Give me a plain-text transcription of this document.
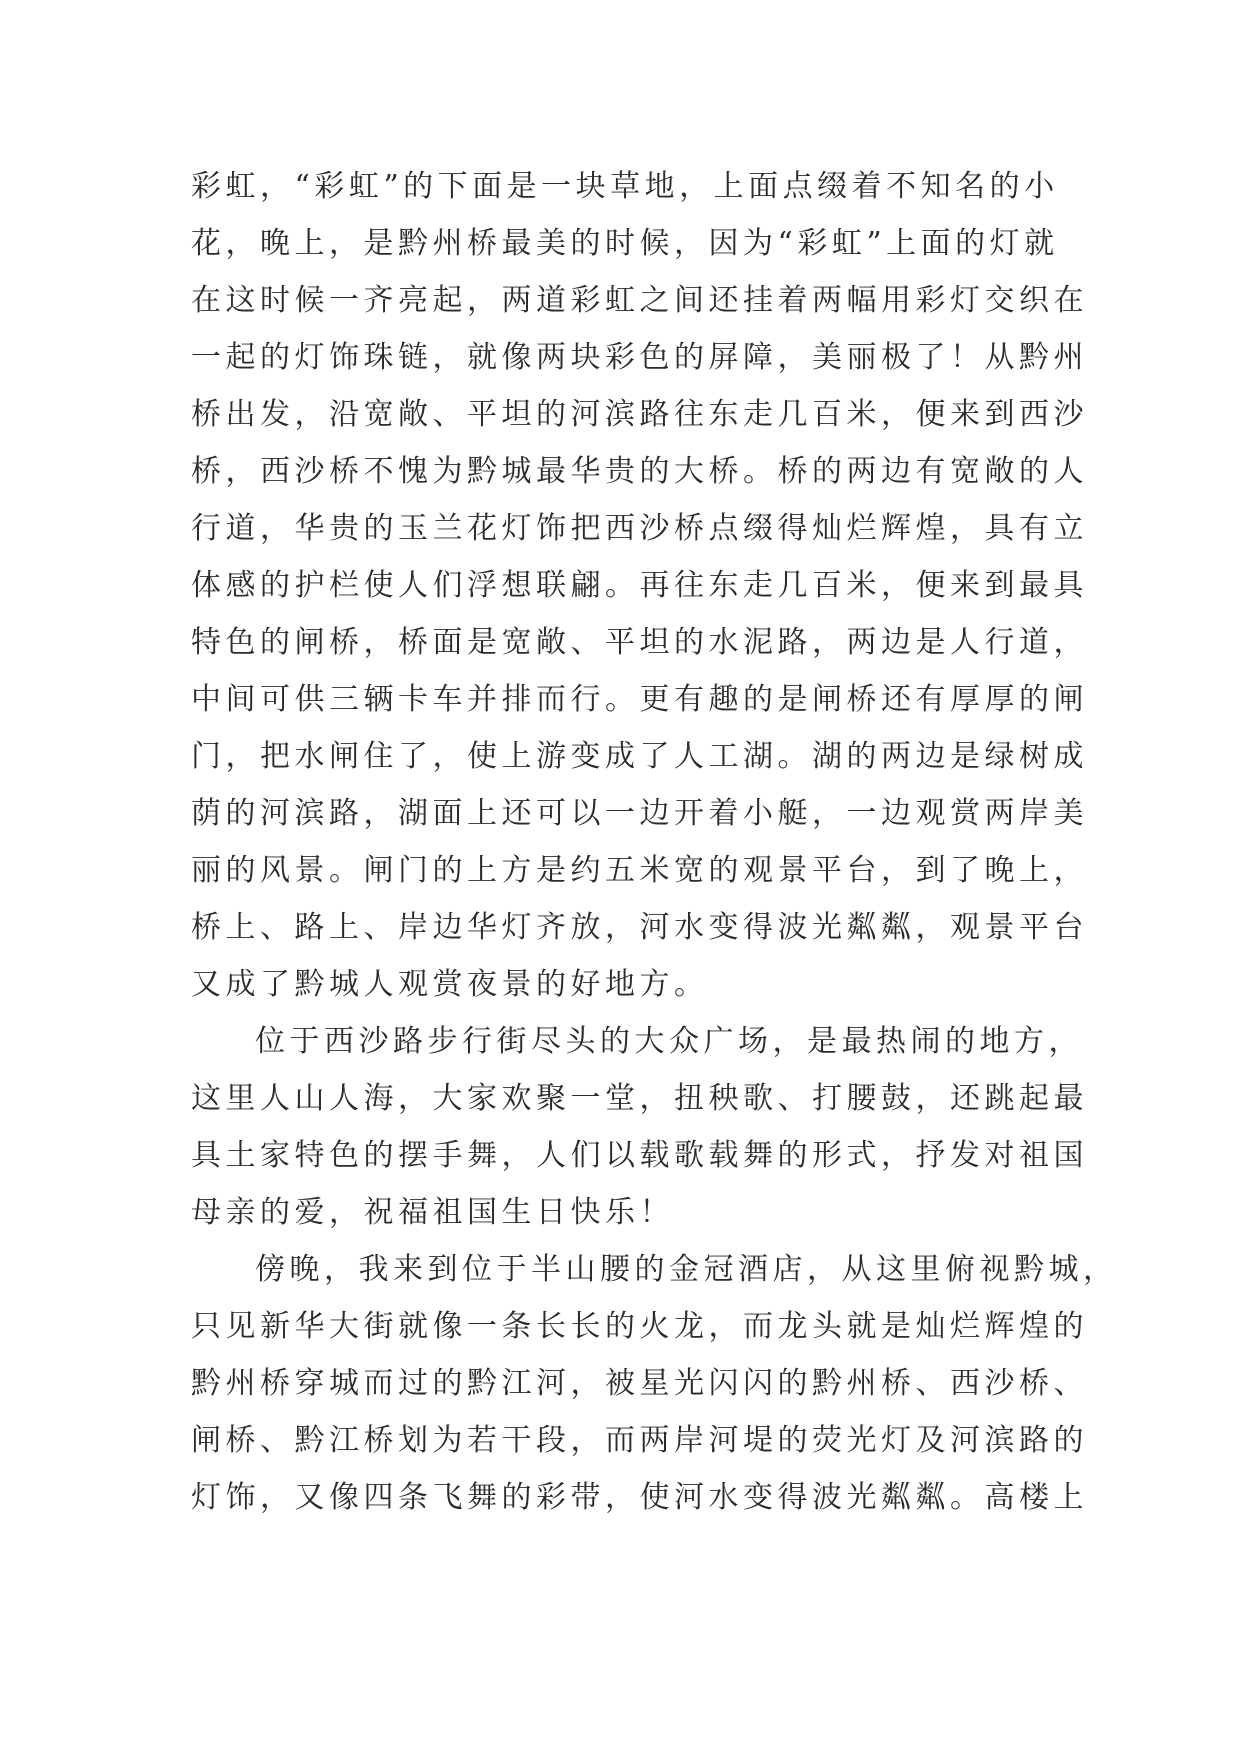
彩虹，“彩虹”的下面是一块草地，上面点缀着不知名的小
花，晚上，是黔州桥最美的时候，因为“彩虹”上面的灯就
在这时候一齐亮起，两道彩虹之间还挂着两幅用彩灯交织在
一起的灯饰珠链，就像两块彩色的屏障，美丽极了！从黔州
桥出发，沿宽敞、平坦的河滨路往东走几百米，便来到西沙
桥，西沙桥不愧为黔城最华贵的大桥。桥的两边有宽敞的人
行道，华贵的玉兰花灯饰把西沙桥点缀得灿烂辉煌，具有立
体感的护栏使人们浮想联翩。再往东走几百米，便来到最具
特色的闸桥，桥面是宽敞、平坦的水泥路，两边是人行道，
中间可供三辆卡车并排而行。更有趣的是闸桥还有厚厚的闸
门，把水闸住了，使上游变成了人工湖。湖的两边是绿树成
荫的河滨路，湖面上还可以一边开着小艇，一边观赏两岸美
丽的风景。闸门的上方是约五米宽的观景平台，到了晚上，
桥上、路上、岸边华灯齐放，河水变得波光粼粼，观景平台
又成了黔城人观赏夜景的好地方。
位于西沙路步行街尽头的大众广场，是最热闹的地方，
这里人山人海，大家欢聚一堂，扭秧歌、打腰鼓，还跳起最
具土家特色的摆手舞，人们以载歌载舞的形式，抒发对祖国
母亲的爱，祝福祖国生日快乐！
傍晚，我来到位于半山腰的金冠酒店，从这里俯视黔城，
只见新华大街就像一条长长的火龙，而龙头就是灿烂辉煌的
黔州桥穿城而过的黔江河，被星光闪闪的黔州桥、西沙桥、
闸桥、黔江桥划为若干段，而两岸河堤的荧光灯及河滨路的
灯饰，又像四条飞舞的彩带，使河水变得波光粼粼。高楼上
